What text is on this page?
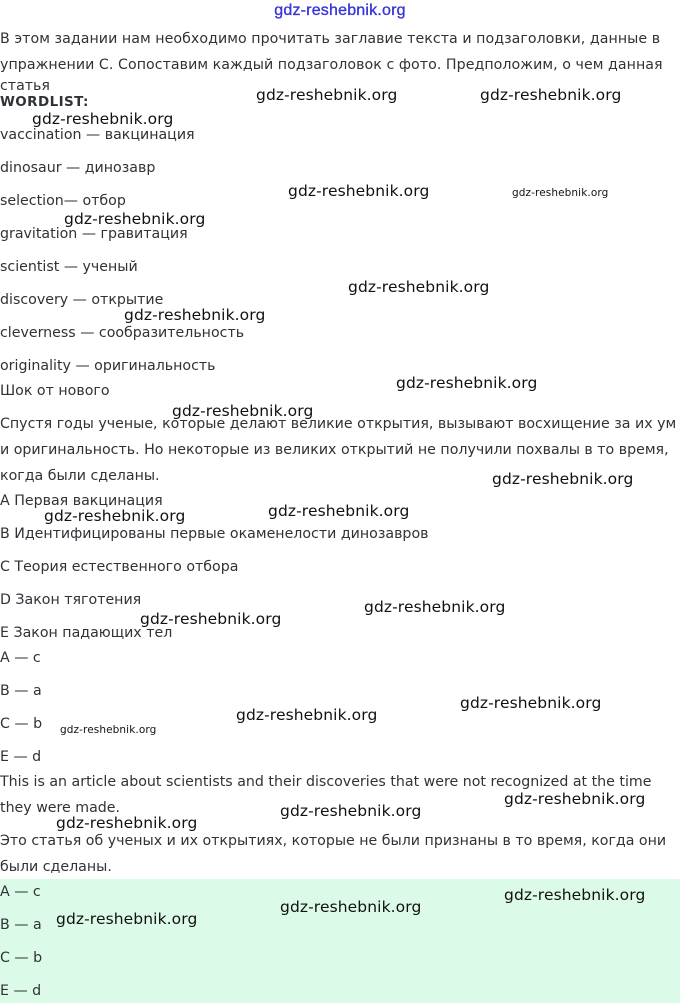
gdz-reshebnik.org
В этом задании нам необходимо прочитать заглавие текста и подзаголовки, данные в
упражнении C. Сопоставим каждый подзаголовок с фото. Предположим, о чем данная
статья
WORDLIST:
vaccination — вакцинация
dinosaur — динозавр
selection— отбор
gravitation — гравитация
scientist — ученый
discovery — открытие
cleverness — сообразительность
originality — оригинальность
Шок от нового
Спустя годы ученые, которые делают великие открытия, вызывают восхищение за их ум
и оригинальность. Но некоторые из великих открытий не получили похвалы в то время,
когда были сделаны.
A Первая вакцинация
B Идентифицированы первые окаменелости динозавров
C Теория естественного отбора
D Закон тяготения
E Закон падающих тел
A — c
B — a
C — b
E — d
This is an article about scientists and their discoveries that were not recognized at the time
they were made.
Это статья об ученых и их открытиях, которые не были признаны в то время, когда они
были сделаны.
A — c
B — a
C — b
E — d
gdz-reshebnik.org	gdz-reshebnik.org
gdz-reshebnik.org
gdz-reshebnik.org	gdz-reshebnik.org
gdz-reshebnik.org
gdz-reshebnik.org
gdz-reshebnik.org
gdz-reshebnik.org
gdz-reshebnik.org
gdz-reshebnik.org
gdz-reshebnik.org	gdz-reshebnik.org
gdz-reshebnik.org
gdz-reshebnik.org
gdz-reshebnik.org
gdz-reshebnik.org
gdz-reshebnik.org
gdz-reshebnik.org
gdz-reshebnik.org
gdz-reshebnik.org
gdz-reshebnik.org
gdz-reshebnik.org
gdz-reshebnik.org
